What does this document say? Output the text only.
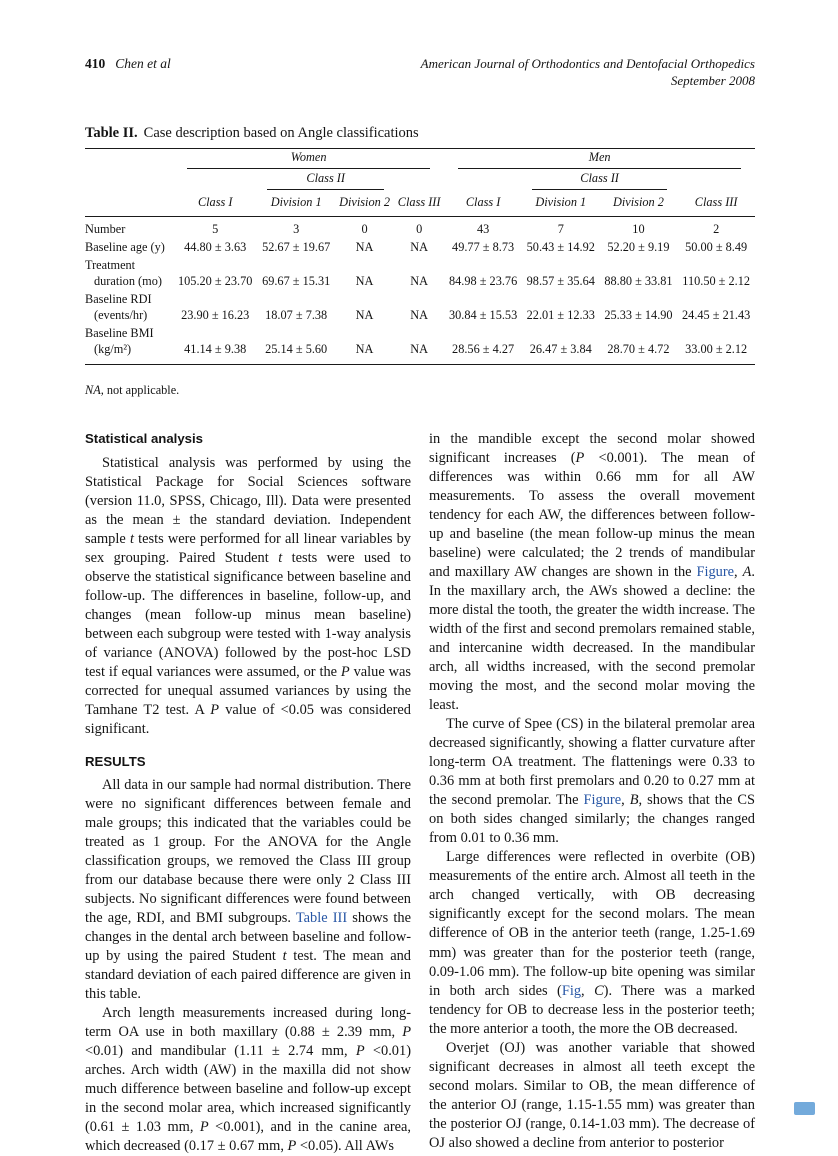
410 Chen et al	American Journal of Orthodontics and Dentofacial Orthopedics
September 2008
Table II. Case description based on Angle classifications

	Women				Men			

		Class II				Class II		

	Class I	Division 1	Division 2	Class III	Class I	Division 1	Division 2	Class III

Number	5	3	0	0	43	7	10	2

Baseline age (y)	44.80 ± 3.63	52.67 ± 19.67	NA	NA	49.77 ± 8.73	50.43 ± 14.92	52.20 ± 9.19	50.00 ± 8.49

Treatment
duration (mo)	105.20 ± 23.70	69.67 ± 15.31	NA	NA	84.98 ± 23.76	98.57 ± 35.64	88.80 ± 33.81	110.50 ± 2.12

Baseline RDI
(events/hr)	23.90 ± 16.23	18.07 ± 7.38	NA	NA	30.84 ± 15.53	22.01 ± 12.33	25.33 ± 14.90	24.45 ± 21.43

Baseline BMI
(kg/m²)	41.14 ± 9.38	25.14 ± 5.60	NA	NA	28.56 ± 4.27	26.47 ± 3.84	28.70 ± 4.72	33.00 ± 2.12
NA, not applicable.
Statistical analysis

Statistical analysis was performed by using the Statistical Package for Social Sciences software (version 11.0, SPSS, Chicago, Ill). Data were presented as the mean ± the standard deviation. Independent sample t tests were performed for all linear variables by sex grouping. Paired Student t tests were used to observe the statistical significance between baseline and follow-up. The differences in baseline, follow-up, and changes (mean follow-up minus mean baseline) between each subgroup were tested with 1-way analysis of variance (ANOVA) followed by the post-hoc LSD test if equal variances were assumed, or the P value was corrected for unequal assumed variances by using the Tamhane T2 test. A P value of <0.05 was considered significant.

RESULTS

All data in our sample had normal distribution. There were no significant differences between female and male groups; this indicated that the variables could be treated as 1 group. For the ANOVA for the Angle classification groups, we removed the Class III group from our database because there were only 2 Class III subjects. No significant differences were found between the age, RDI, and BMI subgroups. Table III shows the changes in the dental arch between baseline and follow-up by using the paired Student t test. The mean and standard deviation of each paired difference are given in this table.

Arch length measurements increased during long-term OA use in both maxillary (0.88 ± 2.39 mm, P <0.01) and mandibular (1.11 ± 2.74 mm, P <0.01) arches. Arch width (AW) in the maxilla did not show much difference between baseline and follow-up except in the second molar area, which increased significantly (0.61 ± 1.03 mm, P <0.001), and in the canine area, which decreased (0.17 ± 0.67 mm, P <0.05). All AWs

in the mandible except the second molar showed significant increases (P <0.001). The mean of differences was within 0.66 mm for all AW measurements. To assess the overall movement tendency for each AW, the differences between follow-up and baseline (the mean follow-up minus the mean baseline) were calculated; the 2 trends of mandibular and maxillary AW changes are shown in the Figure, A. In the maxillary arch, the AWs showed a decline: the more distal the tooth, the greater the width increase. The width of the first and second premolars remained stable, and intercanine width decreased. In the mandibular arch, all widths increased, with the second premolar moving the most, and the second molar moving the least.

The curve of Spee (CS) in the bilateral premolar area decreased significantly, showing a flatter curvature after long-term OA treatment. The flattenings were 0.33 to 0.36 mm at both first premolars and 0.20 to 0.27 mm at the second premolar. The Figure, B, shows that the CS on both sides changed similarly; the changes ranged from 0.01 to 0.36 mm.

Large differences were reflected in overbite (OB) measurements of the entire arch. Almost all teeth in the arch changed vertically, with OB decreasing significantly except for the second molars. The mean difference of OB in the anterior teeth (range, 1.25-1.69 mm) was greater than for the posterior teeth (range, 0.09-1.06 mm). The follow-up bite opening was similar in both arch sides (Fig, C). There was a marked tendency for OB to decrease less in the posterior teeth; the more anterior a tooth, the more the OB decreased.

Overjet (OJ) was another variable that showed significant decreases in almost all teeth except the second molars. Similar to OB, the mean difference of the anterior OJ (range, 1.15-1.55 mm) was greater than the posterior OJ (range, 0.14-1.03 mm). The decrease of OJ also showed a decline from anterior to posterior
